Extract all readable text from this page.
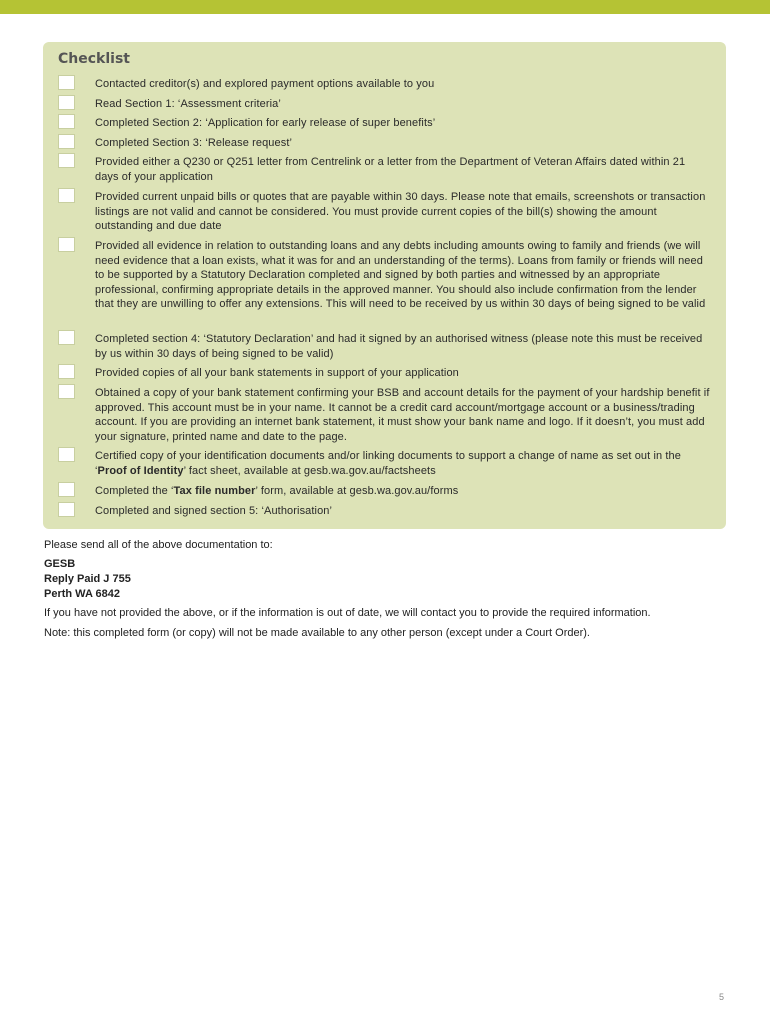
Checklist
Contacted creditor(s) and explored payment options available to you
Read Section 1: ‘Assessment criteria’
Completed Section 2: ‘Application for early release of super benefits’
Completed Section 3: ‘Release request’
Provided either a Q230 or Q251 letter from Centrelink or a letter from the Department of Veteran Affairs dated within 21 days of your application
Provided current unpaid bills or quotes that are payable within 30 days. Please note that emails, screenshots or transaction listings are not valid and cannot be considered. You must provide current copies of the bill(s) showing the amount outstanding and due date
Provided all evidence in relation to outstanding loans and any debts including amounts owing to family and friends (we will need evidence that a loan exists, what it was for and an understanding of the terms). Loans from family or friends will need to be supported by a Statutory Declaration completed and signed by both parties and witnessed by an appropriate professional, confirming appropriate details in the approved manner. You should also include confirmation from the lender that they are unwilling to offer any extensions. This will need to be received by us within 30 days of being signed to be valid
Completed section 4: ‘Statutory Declaration’ and had it signed by an authorised witness (please note this must be received by us within 30 days of being signed to be valid)
Provided copies of all your bank statements in support of your application
Obtained a copy of your bank statement confirming your BSB and account details for the payment of your hardship benefit if approved. This account must be in your name. It cannot be a credit card account/mortgage account or a business/trading account. If you are providing an internet bank statement, it must show your bank name and logo. If it doesn’t, you must add your signature, printed name and date to the page.
Certified copy of your identification documents and/or linking documents to support a change of name as set out in the ‘Proof of Identity’ fact sheet, available at gesb.wa.gov.au/factsheets
Completed the ‘Tax file number’ form, available at gesb.wa.gov.au/forms
Completed and signed section 5: ‘Authorisation’
Please send all of the above documentation to:
GESB
Reply Paid J 755
Perth WA 6842
If you have not provided the above, or if the information is out of date, we will contact you to provide the required information.
Note: this completed form (or copy) will not be made available to any other person (except under a Court Order).
5
